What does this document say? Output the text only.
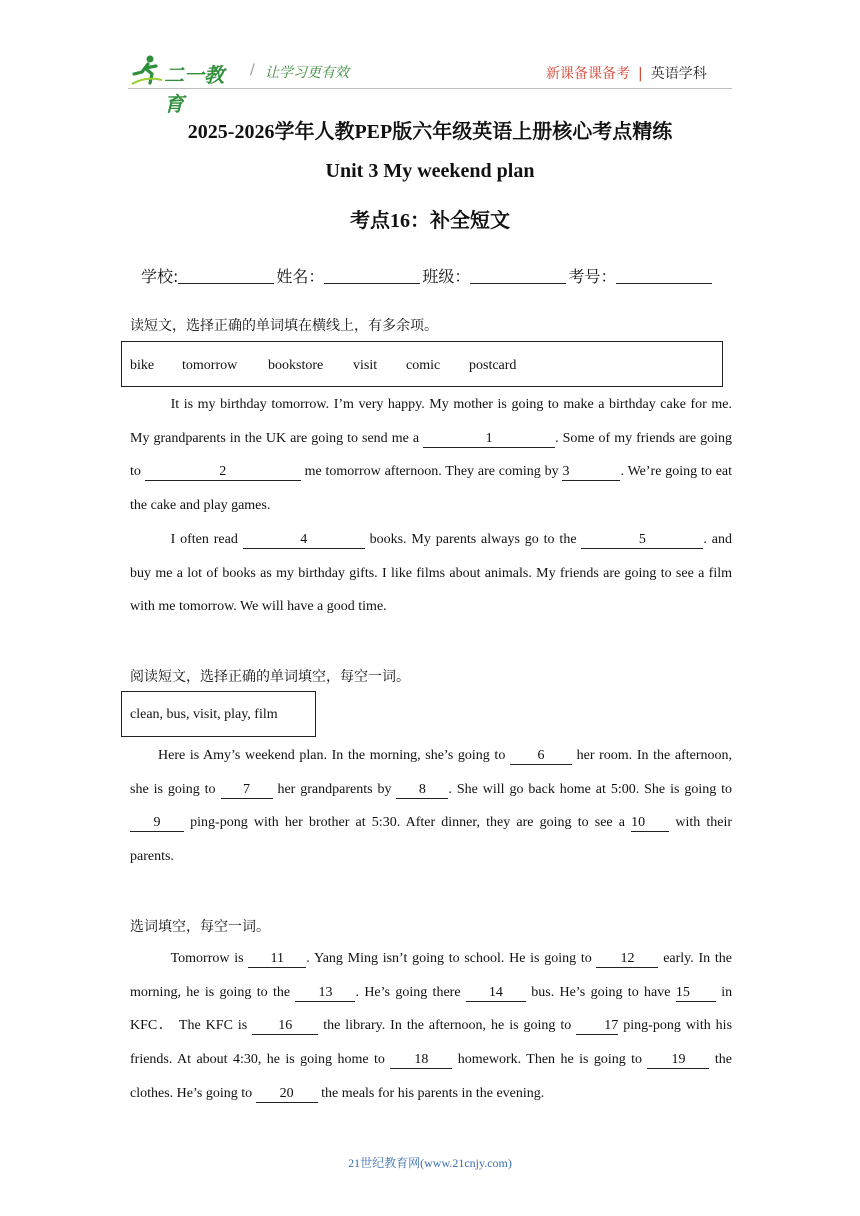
二一教育
/ 让学习更有效	新课备课备考 | 英语学科
2025-2026学年人教PEP版六年级英语上册核心考点精练
Unit 3 My weekend plan
考点16：补全短文
学校:	姓名：	班级：	考号：
读短文，选择正确的单词填在横线上，有多余项。
bike tomorrow bookstore visit comic postcard

It is my birthday tomorrow. I’m very happy. My mother is going to make a birthday cake for me. My grandparents in the UK are going to send me a	1	. Some of my friends are going to	2	me tomorrow afternoon. They are coming by 3	. We’re going to eat the cake and play games.

I often read	4	books. My parents always go to the	5	. and buy me a lot of books as my birthday gifts. I like films about animals. My friends are going to see a film with me tomorrow. We will have a good time.

阅读短文，选择正确的单词填空，每空一词。
clean, bus, visit, play, film

Here is Amy’s weekend plan. In the morning, she’s going to 6 her room. In the afternoon, she is going to 7 her grandparents by 8 . She will go back home at 5:00. She is going to 9 ping-pong with her brother at 5:30. After dinner, they are going to see a 10 with their parents.

选词填空，每空一词。

Tomorrow is 11 . Yang Ming isn’t going to school. He is going to 12 early. In the morning, he is going to the 13 . He’s going there 14 bus. He’s going to have 15 in KFC． The KFC is 16 the library. In the afternoon, he is going to 17 ping-pong with his friends. At about 4:30, he is going home to 18 homework. Then he is going to 19 the clothes. He’s going to 20 the meals for his parents in the evening.

21世纪教育网(www.21cnjy.com)
